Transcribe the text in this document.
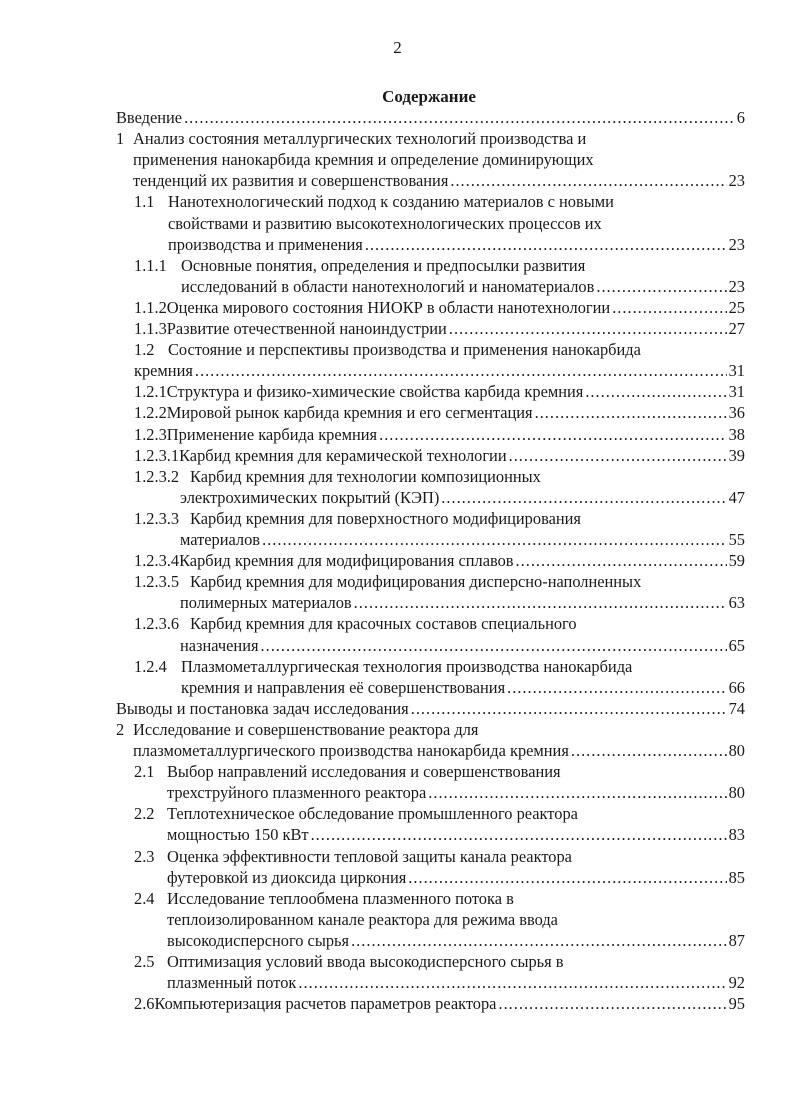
2
Содержание
Введение .....	6
1 Анализ состояния металлургических технологий производства и
применения нанокарбида кремния и определение доминирующих
тенденций их развития и совершенствования .....	23
1.1 Нанотехнологический подход к созданию материалов с новыми
свойствами и развитию высокотехнологических процессов их
производства и применения .....	23
1.1.1 Основные понятия, определения и предпосылки развития
исследований в области нанотехнологий и наноматериалов .....	23
1.1.2 Оценка мирового состояния НИОКР в области нанотехнологии .....	25
1.1.3 Развитие отечественной наноиндустрии .....	27
1.2 Состояние и перспективы производства и применения нанокарбида
кремния .....	31
1.2.1 Структура и физико-химические свойства карбида кремния .....	31
1.2.2 Мировой рынок карбида кремния и его сегментация .....	36
1.2.3 Применение карбида кремния .....	38
1.2.3.1 Карбид кремния для керамической технологии .....	39
1.2.3.2 Карбид кремния для технологии композиционных
электрохимических покрытий (КЭП) .....	47
1.2.3.3 Карбид кремния для поверхностного модифицирования
материалов .....	55
1.2.3.4 Карбид кремния для модифицирования сплавов .....	59
1.2.3.5 Карбид кремния для модифицирования дисперсно-наполненных
полимерных материалов .....	63
1.2.3.6 Карбид кремния для красочных составов специального
назначения .....	65
1.2.4 Плазмометаллургическая технология производства нанокарбида
кремния и направления её совершенствования .....	66
Выводы и постановка задач исследования .....	74
2 Исследование и совершенствование реактора для
плазмометаллургического производства нанокарбида кремния .....	80
2.1 Выбор направлений исследования и совершенствования
трехструйного плазменного реактора .....	80
2.2 Теплотехническое обследование промышленного реактора
мощностью 150 кВт .....	83
2.3 Оценка эффективности тепловой защиты канала реактора
футеровкой из диоксида циркония .....	85
2.4 Исследование теплообмена плазменного потока в
теплоизолированном канале реактора для режима ввода
высокодисперсного сырья .....	87
2.5 Оптимизация условий ввода высокодисперсного сырья в
плазменный поток .....	92
2.6 Компьютеризация расчетов параметров реактора .....	95
